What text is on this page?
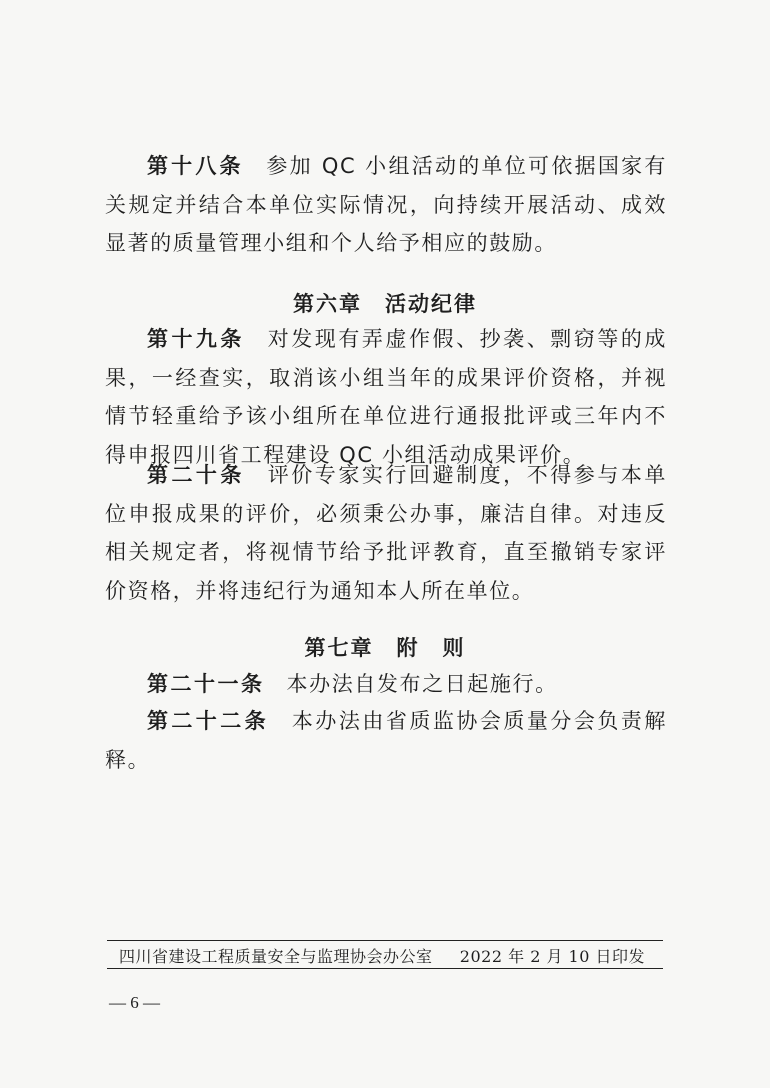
第十八条 参加 QC 小组活动的单位可依据国家有关规定并结合本单位实际情况，向持续开展活动、成效显著的质量管理小组和个人给予相应的鼓励。

第六章　活动纪律

第十九条 对发现有弄虚作假、抄袭、剽窃等的成果，一经查实，取消该小组当年的成果评价资格，并视情节轻重给予该小组所在单位进行通报批评或三年内不得申报四川省工程建设 QC 小组活动成果评价。

第二十条 评价专家实行回避制度，不得参与本单位申报成果的评价，必须秉公办事，廉洁自律。对违反相关规定者，将视情节给予批评教育，直至撤销专家评价资格，并将违纪行为通知本人所在单位。

第七章　附　则

第二十一条 本办法自发布之日起施行。

第二十二条 本办法由省质监协会质量分会负责解释。

四川省建设工程质量安全与监理协会办公室 2022 年 2 月 10 日印发
— 6 —
